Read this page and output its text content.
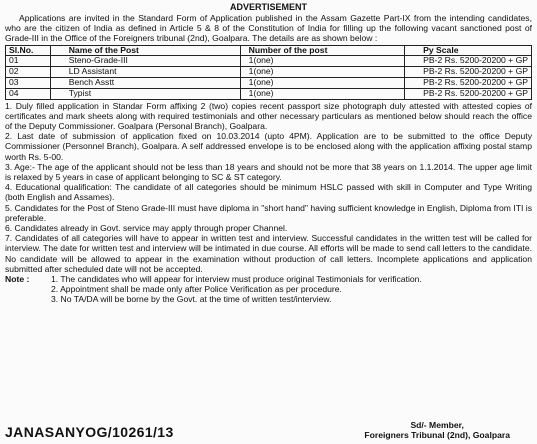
ADVERTISEMENT

Applications are invited in the Standard Form of Application published in the Assam Gazette Part-IX from the intending candidates, who are the citizen of India as defined in Article 5 & 8 of the Constitution of India for filling up the following vacant sanctioned post of Grade-III in the Office of the Foreigners tribunal (2nd), Goalpara. The details are as shown below :

Sl.No.	Name of the Post	Number of the post	Py Scale
01	Steno-Grade-III	1(one)	PB-2 Rs. 5200-20200 + GP
02	LD Assistant	1(one)	PB-2 Rs. 5200-20200 + GP
03	Bench Asstt	1(one)	PB-2 Rs. 5200-20200 + GP
04	Typist	1(one)	PB-2 Rs. 5200-20200 + GP
1. Duly filled application in Standar Form affixing 2 (two) copies recent passport size photograph duly attested with attested copies of certificates and mark sheets along with required testimonials and other necessary particulars as mentioned below should reach the office of the Deputy Commissioner. Goalpara (Personal Branch), Goalpara.
2. Last date of submission of application fixed on 10.03.2014 (upto 4PM). Application are to be submitted to the office Deputy Commissioner (Personnel Branch), Goalpara. A self addressed envelope is to be enclosed along with the application affixing postal stamp worth Rs. 5-00.
3. Age:- The age of the applicant should not be less than 18 years and should not be more that 38 years on 1.1.2014. The upper age limit is relaxed by 5 years in case of applicant belonging to SC & ST category.
4. Educational qualification: The candidate of all categories should be minimum HSLC passed with skill in Computer and Type Writing (both English and Assames).
5. Candidates for the Post of Steno Grade-III must have diploma in "short hand" having sufficient knowledge in English, Diploma from ITI is preferable.
6. Candidates already in Govt. service may apply through proper Channel.
7. Candidates of all categories will have to appear in written test and interview. Successful candidates in the written test will be called for interview. The date for written test and interview will be intimated in due course. All efforts will be made to send call letters to the candidate. No candidate will be allowed to appear in the examination without production of call letters. Incomplete applications and application submitted after scheduled date will not be accepted.
Note :	1. The candidates who will appear for interview must produce original Testimonials for verification.
2. Appointment shall be made only after Police Verification as per procedure.
3. No TA/DA will be borne by the Govt. at the time of written test/interview.
JANASANYOG/10261/13	Sd/- Member,
Foreigners Tribunal (2nd), Goalpara
